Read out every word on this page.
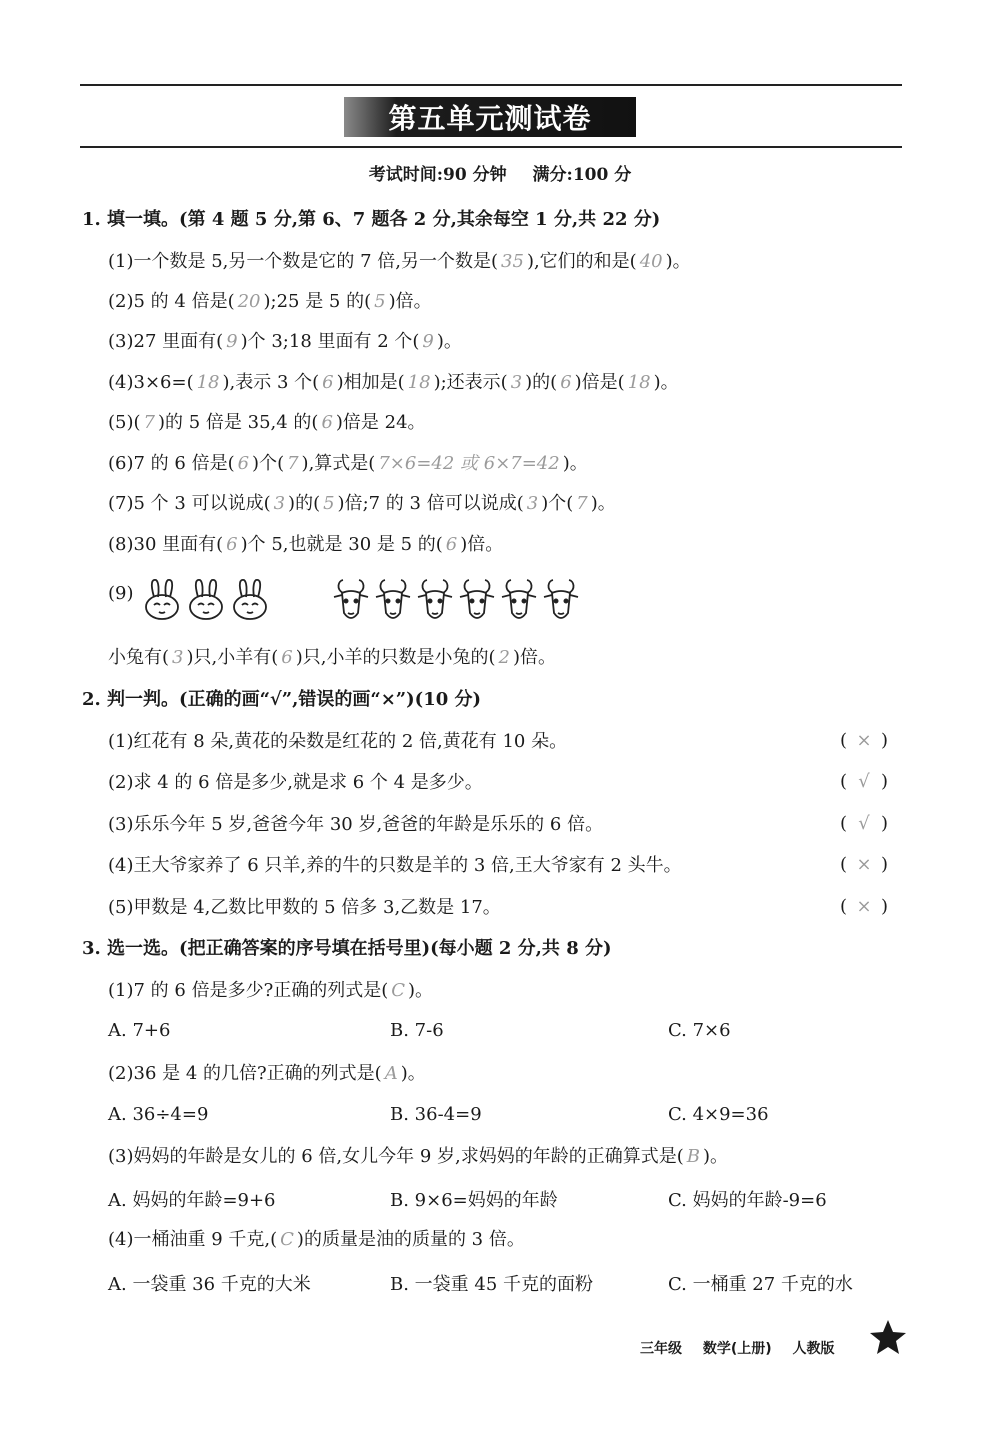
第五单元测试卷
考试时间:90 分钟 满分:100 分
1. 填一填。(第 4 题 5 分,第 6、7 题各 2 分,其余每空 1 分,共 22 分)
(1)一个数是 5,另一个数是它的 7 倍,另一个数是( 35 ),它们的和是( 40 )。
(2)5 的 4 倍是( 20 );25 是 5 的( 5 )倍。
(3)27 里面有( 9 )个 3;18 里面有 2 个( 9 )。
(4)3×6=( 18 ),表示 3 个( 6 )相加是( 18 );还表示( 3 )的( 6 )倍是( 18 )。
(5)( 7 )的 5 倍是 35,4 的( 6 )倍是 24。
(6)7 的 6 倍是( 6 )个( 7 ),算式是( 7×6=42 或 6×7=42 )。
(7)5 个 3 可以说成( 3 )的( 5 )倍;7 的 3 倍可以说成( 3 )个( 7 )。
(8)30 里面有( 6 )个 5,也就是 30 是 5 的( 6 )倍。
(9)
小兔有( 3 )只,小羊有( 6 )只,小羊的只数是小兔的( 2 )倍。
2. 判一判。(正确的画“√”,错误的画“×”)(10 分)
(1)红花有 8 朵,黄花的朵数是红花的 2 倍,黄花有 10 朵。	( × )
(2)求 4 的 6 倍是多少,就是求 6 个 4 是多少。	( √ )
(3)乐乐今年 5 岁,爸爸今年 30 岁,爸爸的年龄是乐乐的 6 倍。	( √ )
(4)王大爷家养了 6 只羊,养的牛的只数是羊的 3 倍,王大爷家有 2 头牛。	( × )
(5)甲数是 4,乙数比甲数的 5 倍多 3,乙数是 17。	( × )
3. 选一选。(把正确答案的序号填在括号里)(每小题 2 分,共 8 分)
(1)7 的 6 倍是多少?正确的列式是( C )。
A. 7+6	B. 7-6	C. 7×6
(2)36 是 4 的几倍?正确的列式是( A )。
A. 36÷4=9	B. 36-4=9	C. 4×9=36
(3)妈妈的年龄是女儿的 6 倍,女儿今年 9 岁,求妈妈的年龄的正确算式是( B )。
A. 妈妈的年龄=9+6	B. 9×6=妈妈的年龄	C. 妈妈的年龄-9=6
(4)一桶油重 9 千克,( C )的质量是油的质量的 3 倍。
A. 一袋重 36 千克的大米	B. 一袋重 45 千克的面粉	C. 一桶重 27 千克的水
三年级 数学(上册) 人教版
